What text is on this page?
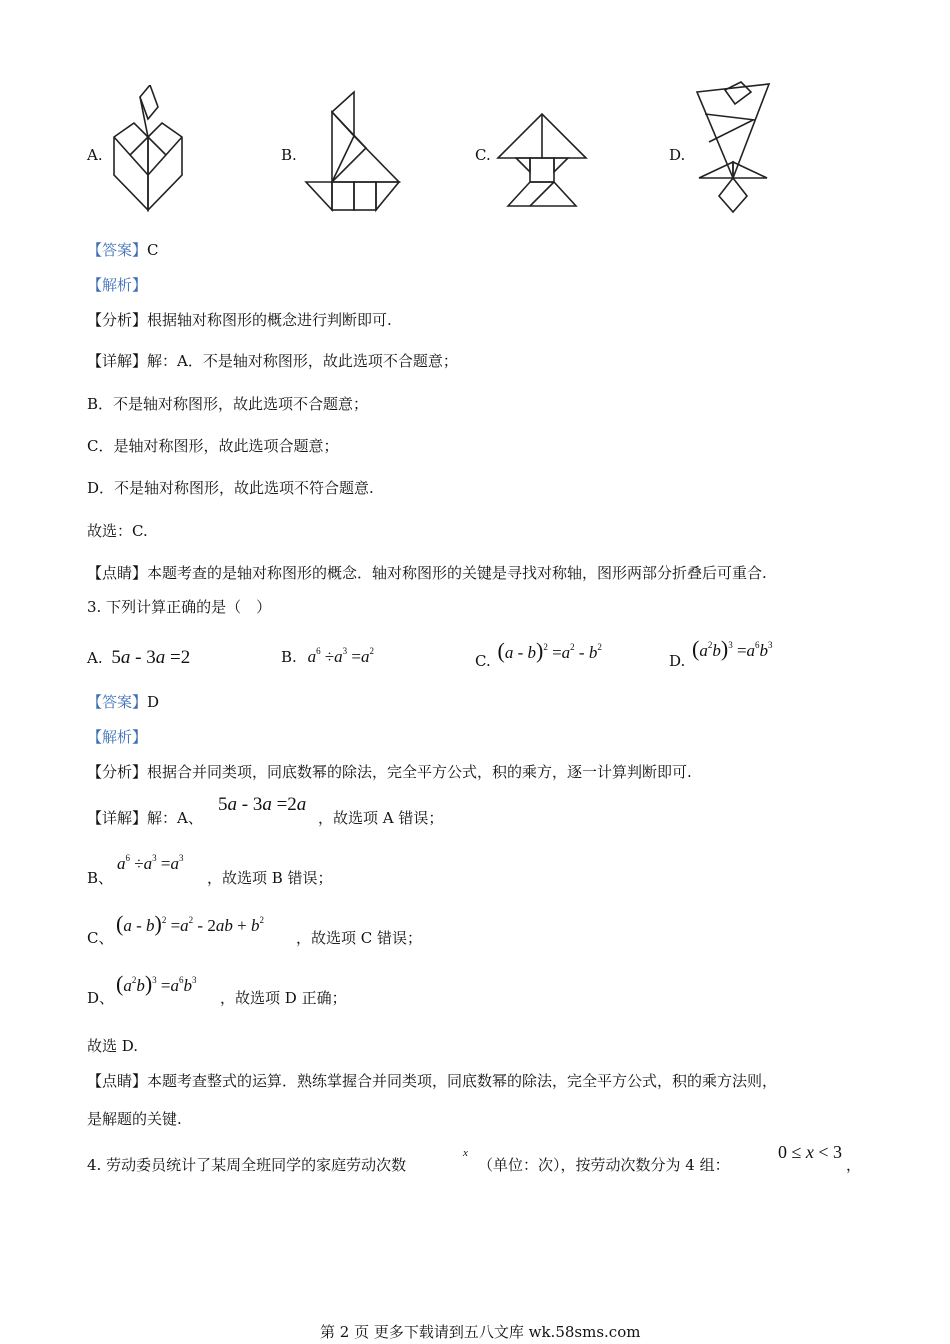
A.	B.	C.	D.
【答案】C
【解析】
【分析】根据轴对称图形的概念进行判断即可.
【详解】解：A．不是轴对称图形，故此选项不合题意；
B．不是轴对称图形，故此选项不合题意；
C．是轴对称图形，故此选项合题意；
D．不是轴对称图形，故此选项不符合题意.
故选：C.
【点睛】本题考查的是轴对称图形的概念．轴对称图形的关键是寻找对称轴，图形两部分折叠后可重合.
3. 下列计算正确的是（　）
A. 5a - 3a =2	B. $a^6 \div a^3 =a^2$
C. $(a - b)^2 =a^2 - b^2$
D. $(a^2b)^3 =a^6b^3$
【答案】D
【解析】
【分析】根据合并同类项，同底数幂的除法，完全平方公式，积的乘方，逐一计算判断即可.
【详解】解：A、
5a - 3a =2a
，故选项 A 错误；
B、
$a^6 \div a^3 =a^3$
，故选项 B 错误；
C、
$(a - b)^2 =a^2 - 2ab + b^2$
，故选项 C 错误；
D、
$(a^2b)^3 =a^6b^3$
，故选项 D 正确；
故选 D.
【点睛】本题考查整式的运算．熟练掌握合并同类项，同底数幂的除法，完全平方公式，积的乘方法则，
是解题的关键.
4. 劳动委员统计了某周全班同学的家庭劳动次数
x
（单位：次），按劳动次数分为 4 组：
0 ≤ x < 3
，
第 2 页 更多下载请到五八文库 wk.58sms.com
